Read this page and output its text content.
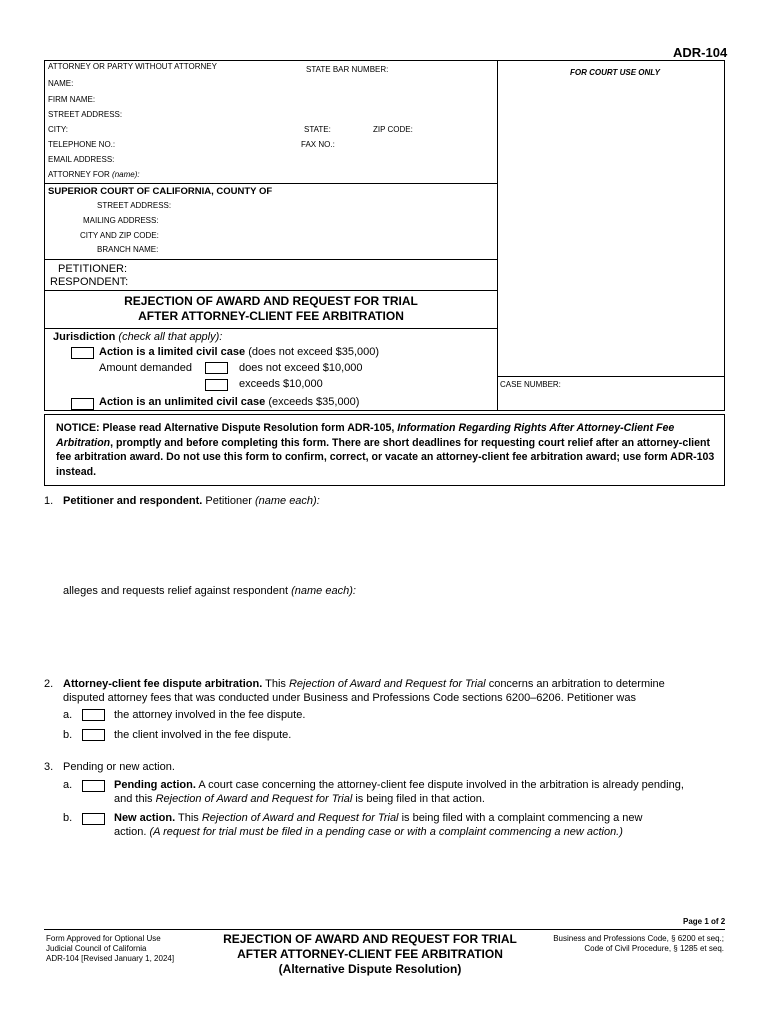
ADR-104
ATTORNEY OR PARTY WITHOUT ATTORNEY	STATE BAR NUMBER:	FOR COURT USE ONLY
NAME:
FIRM NAME:
STREET ADDRESS:
CITY:	STATE:	ZIP CODE:
TELEPHONE NO.:	FAX NO.:
EMAIL ADDRESS:
ATTORNEY FOR (name):
SUPERIOR COURT OF CALIFORNIA, COUNTY OF
STREET ADDRESS:
MAILING ADDRESS:
CITY AND ZIP CODE:
BRANCH NAME:
PETITIONER:
RESPONDENT:
REJECTION OF AWARD AND REQUEST FOR TRIAL
AFTER ATTORNEY-CLIENT FEE ARBITRATION
Jurisdiction (check all that apply):
Action is a limited civil case (does not exceed $35,000)
Amount demanded	does not exceed $10,000
exceeds $10,000
Action is an unlimited civil case (exceeds $35,000)
CASE NUMBER:
NOTICE: Please read Alternative Dispute Resolution form ADR-105, Information Regarding Rights After Attorney-Client Fee Arbitration, promptly and before completing this form. There are short deadlines for requesting court relief after an attorney-client fee arbitration award. Do not use this form to confirm, correct, or vacate an attorney-client fee arbitration award; use form ADR-103 instead.
1. Petitioner and respondent. Petitioner (name each):
alleges and requests relief against respondent (name each):
2. Attorney-client fee dispute arbitration. This Rejection of Award and Request for Trial concerns an arbitration to determine
disputed attorney fees that was conducted under Business and Professions Code sections 6200–6206. Petitioner was
a.	the attorney involved in the fee dispute.
b.	the client involved in the fee dispute.
3. Pending or new action.
a.	Pending action. A court case concerning the attorney-client fee dispute involved in the arbitration is already pending,
and this Rejection of Award and Request for Trial is being filed in that action.
b.	New action. This Rejection of Award and Request for Trial is being filed with a complaint commencing a new
action. (A request for trial must be filed in a pending case or with a complaint commencing a new action.)
Page 1 of 2
Form Approved for Optional Use
Judicial Council of California
ADR-104 [Revised January 1, 2024]
REJECTION OF AWARD AND REQUEST FOR TRIAL
AFTER ATTORNEY-CLIENT FEE ARBITRATION
(Alternative Dispute Resolution)
Business and Professions Code, § 6200 et seq.;
Code of Civil Procedure, § 1285 et seq.
